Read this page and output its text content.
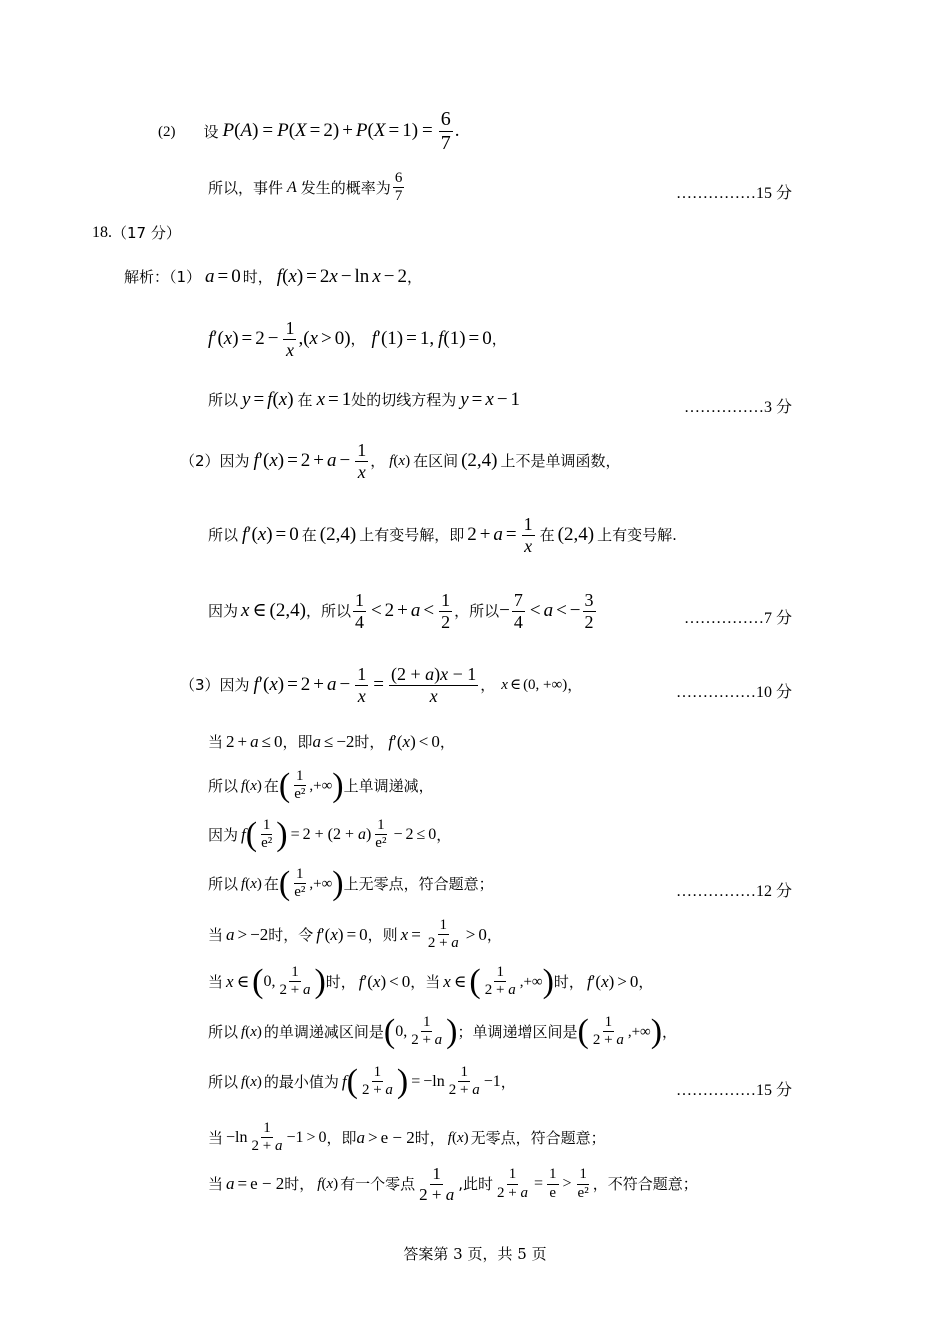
(2) 设 P ( A ) = P ( X = 2 ) + P ( X = 1 ) = $\frac{6}{7}$ .
所以，事件 A 发生的概率为 $\frac{6}{7}$	……………15 分
18. （17 分）
解析：（1） a = 0 时， f ( x ) = 2 x − ln x − 2 ，
f ′ ( x ) = $2 - \frac{1}{x}$ , ( x > 0 ) ， f ′(1) = 1, f (1) = 0 ，
所以 y = f ( x ) 在 x = 1 处的切线方程为 y = x − 1	……………3 分
（2）因为 f ′( x ) = $2 + a - \frac{1}{x}$ ， f ( x ) 在区间 (2,4) 上不是单调函数，
所以 f ′( x ) = 0 在 (2,4) 上有变号解，即 $2 + a = \frac{1}{x}$ 在 (2,4) 上有变号解.
因为 x ∈ (2,4) ，所以 $\frac{1}{4} < 2 + a < \frac{1}{2}$ ，所以 − $\frac{7}{4} < a$ < − $\frac{3}{2}$	……………7 分
（3）因为 f ′( x ) = $2 + a - \frac{1}{x} = \frac{(2 + a)x - 1}{x}$ ， x ∈ (0, +∞) ，	……………10 分
当 2 + a ≤ 0 ，即 a ≤ −2 时， f ′( x ) < 0 ，
所以 f ( x ) 在 ( $\frac{1}{\text{e²}}$ ,+∞ ) 上单调递减，
因为 f ( $\frac{1}{\text{e²}}$ ) = $2 + (2 + a) \frac{1}{\text{e²}} - 2 \le 0$ ，
所以 f ( x ) 在 ( $\frac{1}{\text{e²}}$ ,+∞ ) 上无零点，符合题意；	……………12 分
当 a > −2 时，令 f ′( x ) = 0 ，则 $x = \frac{1}{2 + a} > 0$ ，
当 x ∈ ( 0, $\frac{1}{2 + a}$ ) 时， f ′( x ) < 0 ，当 x ∈ ( $\frac{1}{2 + a}$ ,+∞ ) 时， f ′( x ) > 0 ，
所以 f ( x ) 的单调递减区间是 ( 0, $\frac{1}{2 + a}$ ) ；单调递增区间是 ( $\frac{1}{2 + a}$ ,+∞ ) ，
所以 f ( x ) 的最小值为 f ( $\frac{1}{2 + a}$ ) = $-\ln \frac{1}{2 + a} -1$ ，	……………15 分
当 $-\ln \frac{1}{2 + a} -1 > 0$ ，即 a > e − 2 时， f ( x ) 无零点，符合题意；
当 a = e − 2 时， f ( x ) 有一个零点 $\frac{1}{2 + a}$ ,此时 $\frac{1}{2 + a} = \frac{1}{e} > \frac{1}{\text{e²}}$ ，不符合题意；
答案第 3 页，共 5 页
